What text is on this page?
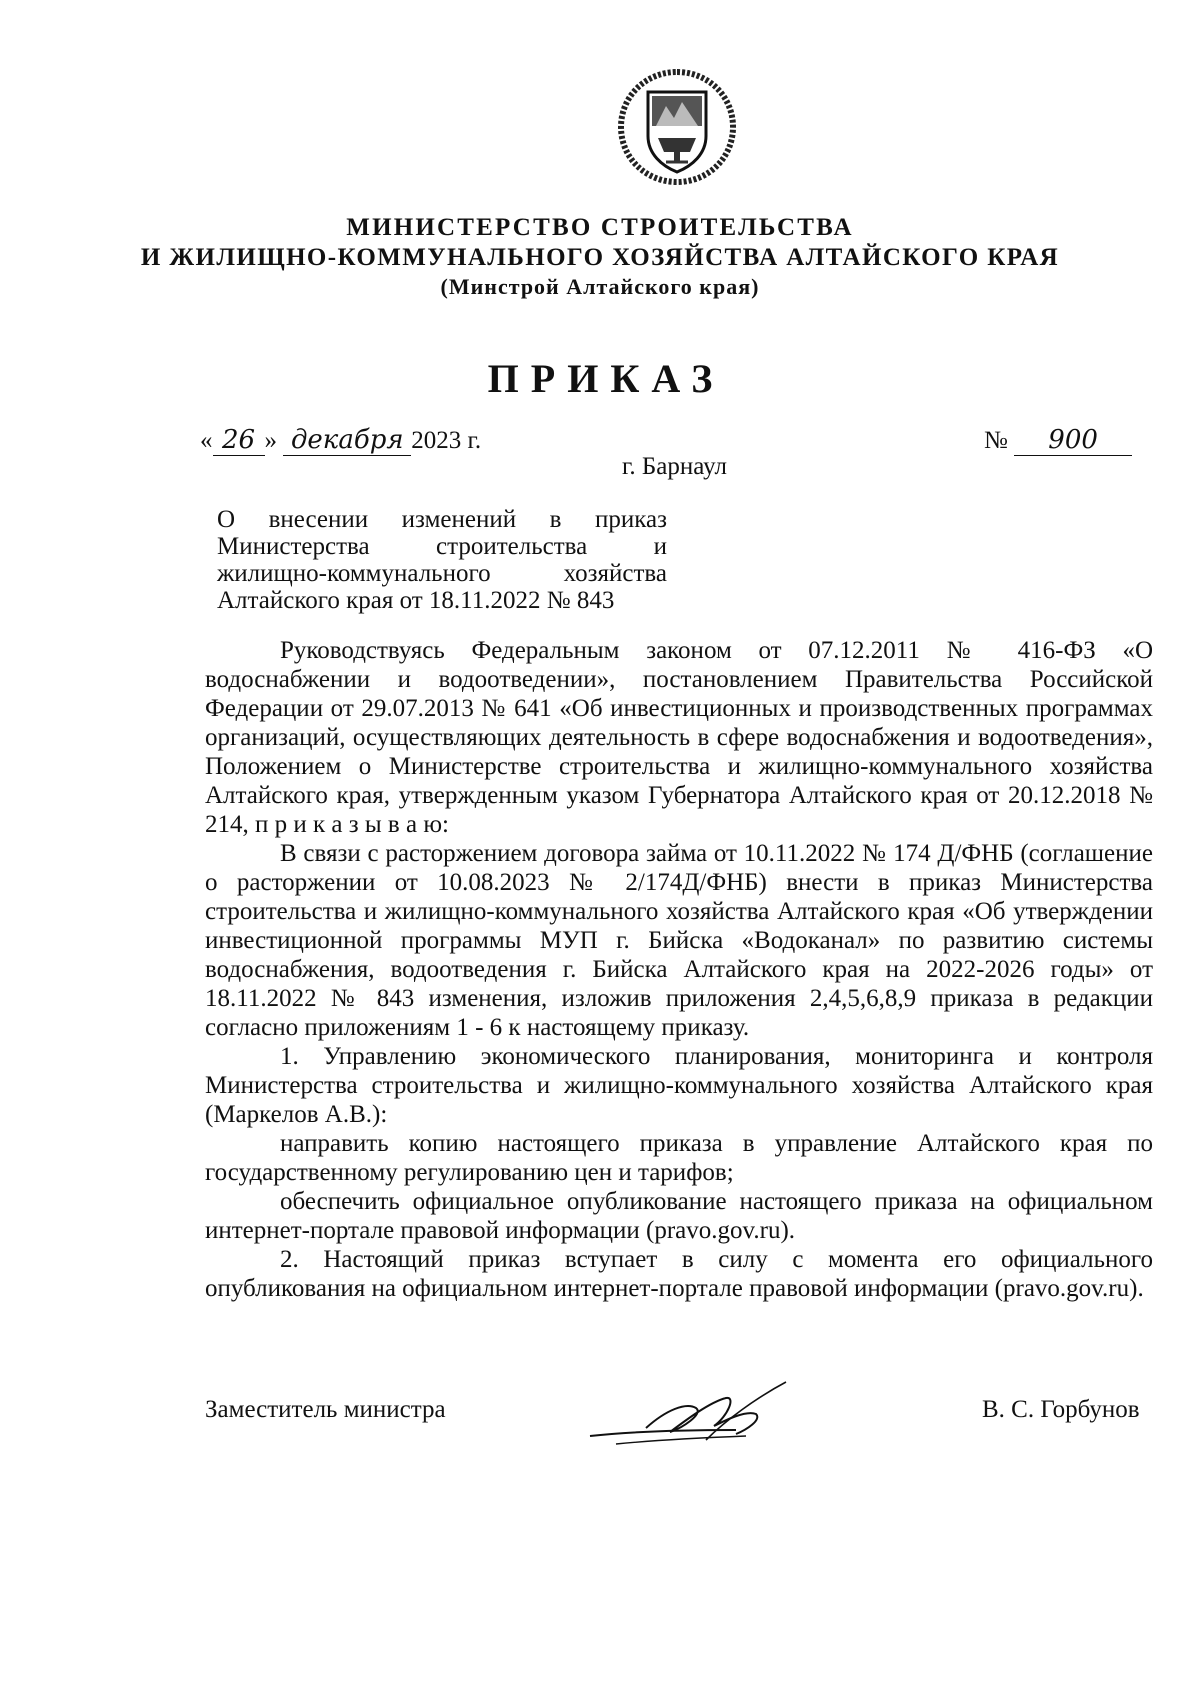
МИНИСТЕРСТВО СТРОИТЕЛЬСТВА
И ЖИЛИЩНО-КОММУНАЛЬНОГО ХОЗЯЙСТВА АЛТАЙСКОГО КРАЯ
(Минстрой Алтайского края)
ПРИКАЗ
« 26 » декабря 2023 г.	№ 900
г. Барнаул
О внесении изменений в приказ
Министерства строительства и
жилищно-коммунального хозяйства
Алтайского края от 18.11.2022 № 843

Руководствуясь Федеральным законом от 07.12.2011 № 416-ФЗ «О водоснабжении и водоотведении», постановлением Правительства Российской Федерации от 29.07.2013 № 641 «Об инвестиционных и производственных программах организаций, осуществляющих деятельность в сфере водоснабжения и водоотведения», Положением о Министерстве строительства и жилищно-коммунального хозяйства Алтайского края, утвержденным указом Губернатора Алтайского края от 20.12.2018 № 214, п р и к а з ы в а ю:

В связи с расторжением договора займа от 10.11.2022 № 174 Д/ФНБ (соглашение о расторжении от 10.08.2023 № 2/174Д/ФНБ) внести в приказ Министерства строительства и жилищно-коммунального хозяйства Алтайского края «Об утверждении инвестиционной программы МУП г. Бийска «Водоканал» по развитию системы водоснабжения, водоотведения г. Бийска Алтайского края на 2022-2026 годы» от 18.11.2022 № 843 изменения, изложив приложения 2,4,5,6,8,9 приказа в редакции согласно приложениям 1 - 6 к настоящему приказу.

1. Управлению экономического планирования, мониторинга и контроля Министерства строительства и жилищно-коммунального хозяйства Алтайского края (Маркелов А.В.):

направить копию настоящего приказа в управление Алтайского края по государственному регулированию цен и тарифов;

обеспечить официальное опубликование настоящего приказа на официальном интернет-портале правовой информации (pravo.gov.ru).

2. Настоящий приказ вступает в силу с момента его официального опубликования на официальном интернет-портале правовой информации (pravo.gov.ru).

Заместитель министра	В. С. Горбунов
